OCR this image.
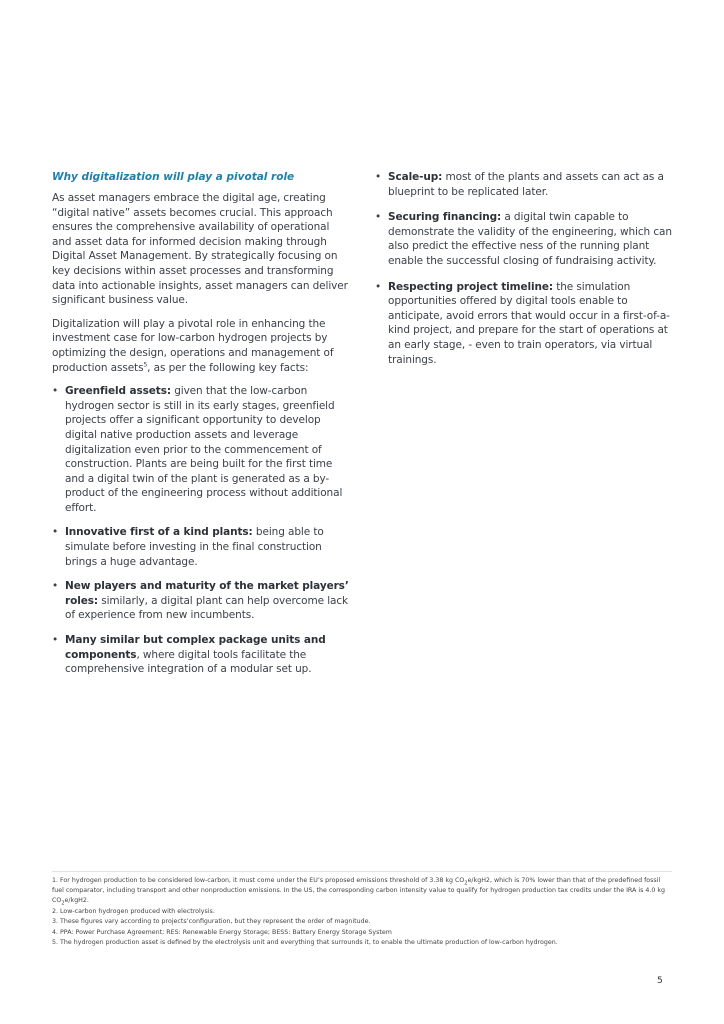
Why digitalization will play a pivotal role

As asset managers embrace the digital age, creating “digital native” assets becomes crucial. This approach ensures the comprehensive availability of operational and asset data for informed decision making through Digital Asset Management. By strategically focusing on key decisions within asset processes and transforming data into actionable insights, asset managers can deliver significant business value.

Digitalization will play a pivotal role in enhancing the investment case for low-carbon hydrogen projects by optimizing the design, operations and management of production assets$^5$, as per the following key facts:

• Greenfield assets: given that the low-carbon hydrogen sector is still in its early stages, greenfield projects offer a significant opportunity to develop digital native production assets and leverage digitalization even prior to the commencement of construction. Plants are being built for the first time and a digital twin of the plant is generated as a by-product of the engineering process without additional effort.
• Innovative first of a kind plants: being able to simulate before investing in the final construction brings a huge advantage.
• New players and maturity of the market players’ roles: similarly, a digital plant can help overcome lack of experience from new incumbents.
• Many similar but complex package units and components, where digital tools facilitate the comprehensive integration of a modular set up.
• Scale-up: most of the plants and assets can act as a blueprint to be replicated later.
• Securing financing: a digital twin capable to demonstrate the validity of the engineering, which can also predict the effective ness of the running plant enable the successful closing of fundraising activity.
• Respecting project timeline: the simulation opportunities offered by digital tools enable to anticipate, avoid errors that would occur in a first-of-a-kind project, and prepare for the start of operations at an early stage, - even to train operators, via virtual trainings.
1. For hydrogen production to be considered low-carbon, it must come under the EU’s proposed emissions threshold of 3.38 kg $CO_2e/kgH2$, which is 70% lower than that of the predefined fossil fuel comparator, including transport and other nonproduction emissions. In the US, the corresponding carbon intensity value to qualify for hydrogen production tax credits under the IRA is 4.0 kg $CO_2e/kgH2$.
2. Low-carbon hydrogen produced with electrolysis.
3. These figures vary according to projects’configuration, but they represent the order of magnitude.
4. PPA: Power Purchase Agreement; RES: Renewable Energy Storage; BESS: Battery Energy Storage System
5. The hydrogen production asset is defined by the electrolysis unit and everything that surrounds it, to enable the ultimate production of low-carbon hydrogen.
5
